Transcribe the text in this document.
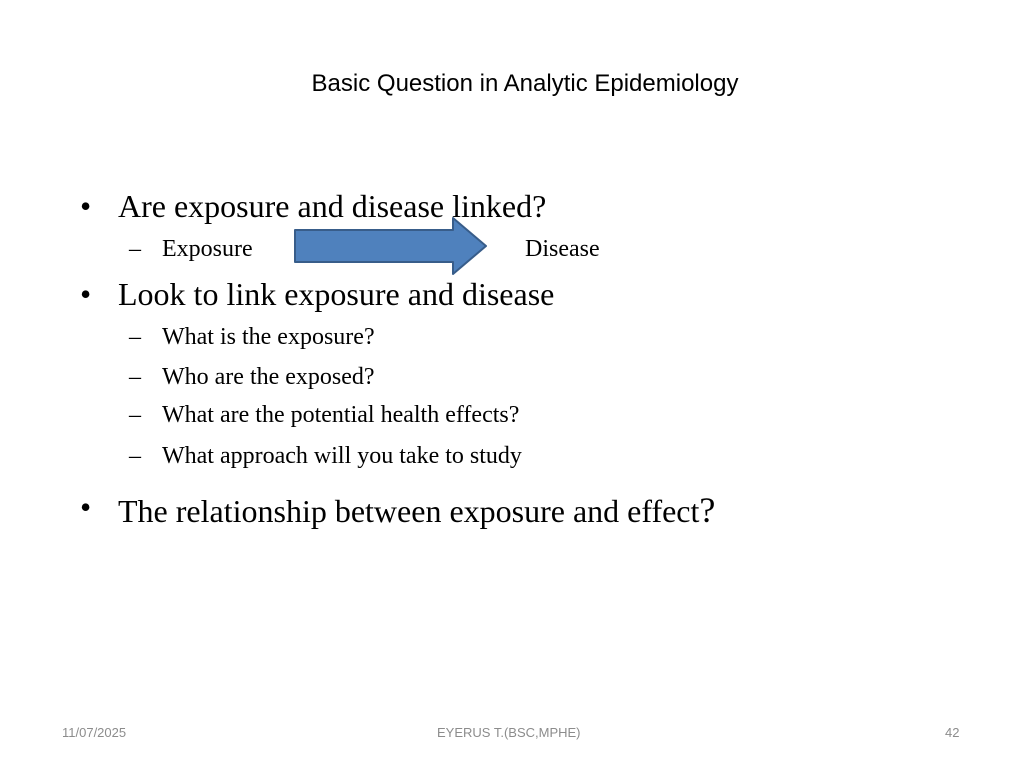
Basic Question in Analytic Epidemiology
• Are exposure and disease linked?
– Exposure	Disease
• Look to link exposure and disease
– What is the exposure?
– Who are the exposed?
– What are the potential health effects?
– What approach will you take to study
• The relationship between exposure and effect?
11/07/2025	EYERUS T.(BSC,MPHE)	42
